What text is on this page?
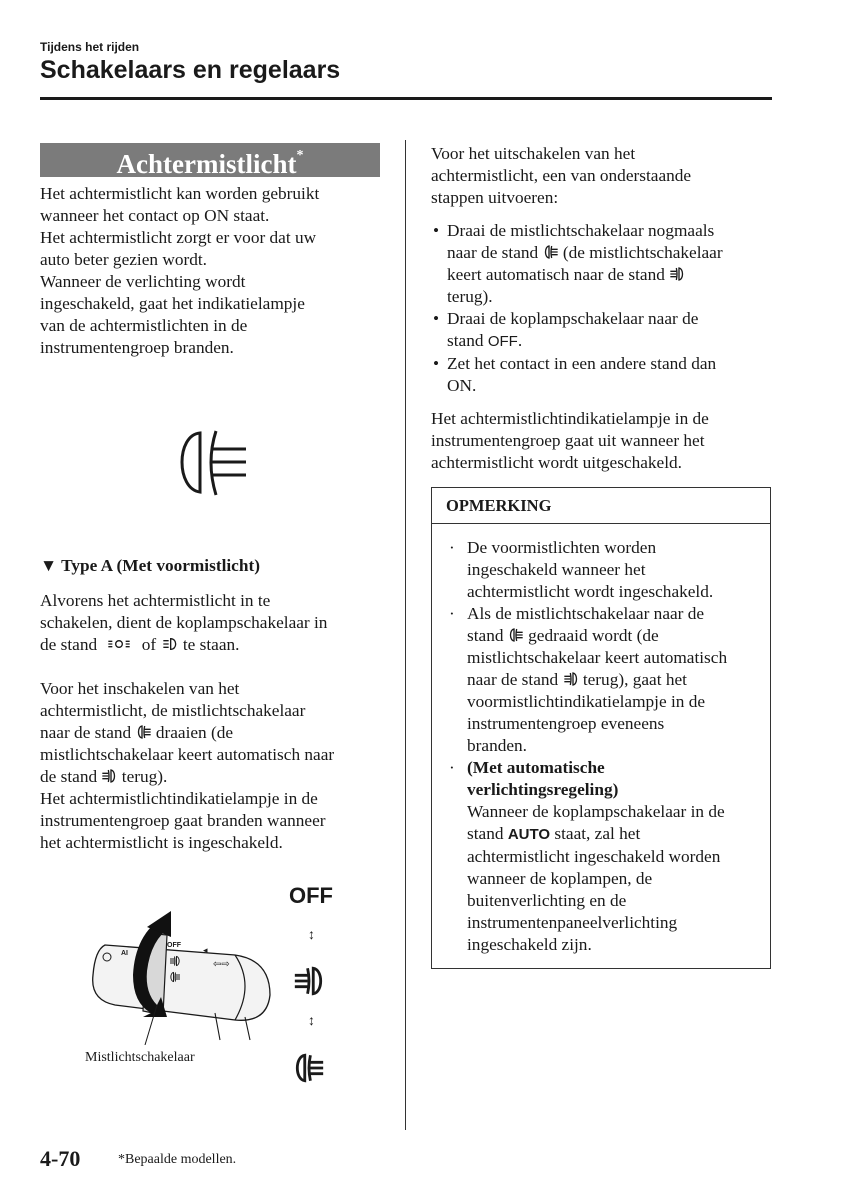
Tijdens het rijden
Schakelaars en regelaars
Achtermistlicht*
Het achtermistlicht kan worden gebruikt
wanneer het contact op ON staat.
Het achtermistlicht zorgt er voor dat uw
auto beter gezien wordt.
Wanneer de verlichting wordt
ingeschakeld, gaat het indikatielampje
van de achtermistlichten in de
instrumentengroep branden.
▼ Type A (Met voormistlicht)
Alvorens het achtermistlicht in te
schakelen, dient de koplampschakelaar in
de stand	of te staan.
Voor het inschakelen van het
achtermistlicht, de mistlichtschakelaar
naar de stand draaien (de
mistlichtschakelaar keert automatisch naar
de stand terug).
Het achtermistlichtindikatielampje in de
instrumentengroep gaat branden wanneer
het achtermistlicht is ingeschakeld.
AI
OFF ◂
⇦⇨
Mistlichtschakelaar
OFF
↕
↕
Voor het uitschakelen van het
achtermistlicht, een van onderstaande
stappen uitvoeren:
• Draai de mistlichtschakelaar nogmaals
naar de stand (de mistlichtschakelaar
keert automatisch naar de stand
terug).
• Draai de koplampschakelaar naar de
stand OFF.
• Zet het contact in een andere stand dan
ON.
Het achtermistlichtindikatielampje in de
instrumentengroep gaat uit wanneer het
achtermistlicht wordt uitgeschakeld.
OPMERKING
· De voormistlichten worden
ingeschakeld wanneer het
achtermistlicht wordt ingeschakeld.
· Als de mistlichtschakelaar naar de
stand gedraaid wordt (de
mistlichtschakelaar keert automatisch
naar de stand terug), gaat het
voormistlichtindikatielampje in de
instrumentengroep eveneens
branden.
· (Met automatische
verlichtingsregeling)
Wanneer de koplampschakelaar in de
stand AUTO staat, zal het
achtermistlicht ingeschakeld worden
wanneer de koplampen, de
buitenverlichting en de
instrumentenpaneelverlichting
ingeschakeld zijn.
4-70	*Bepaalde modellen.
